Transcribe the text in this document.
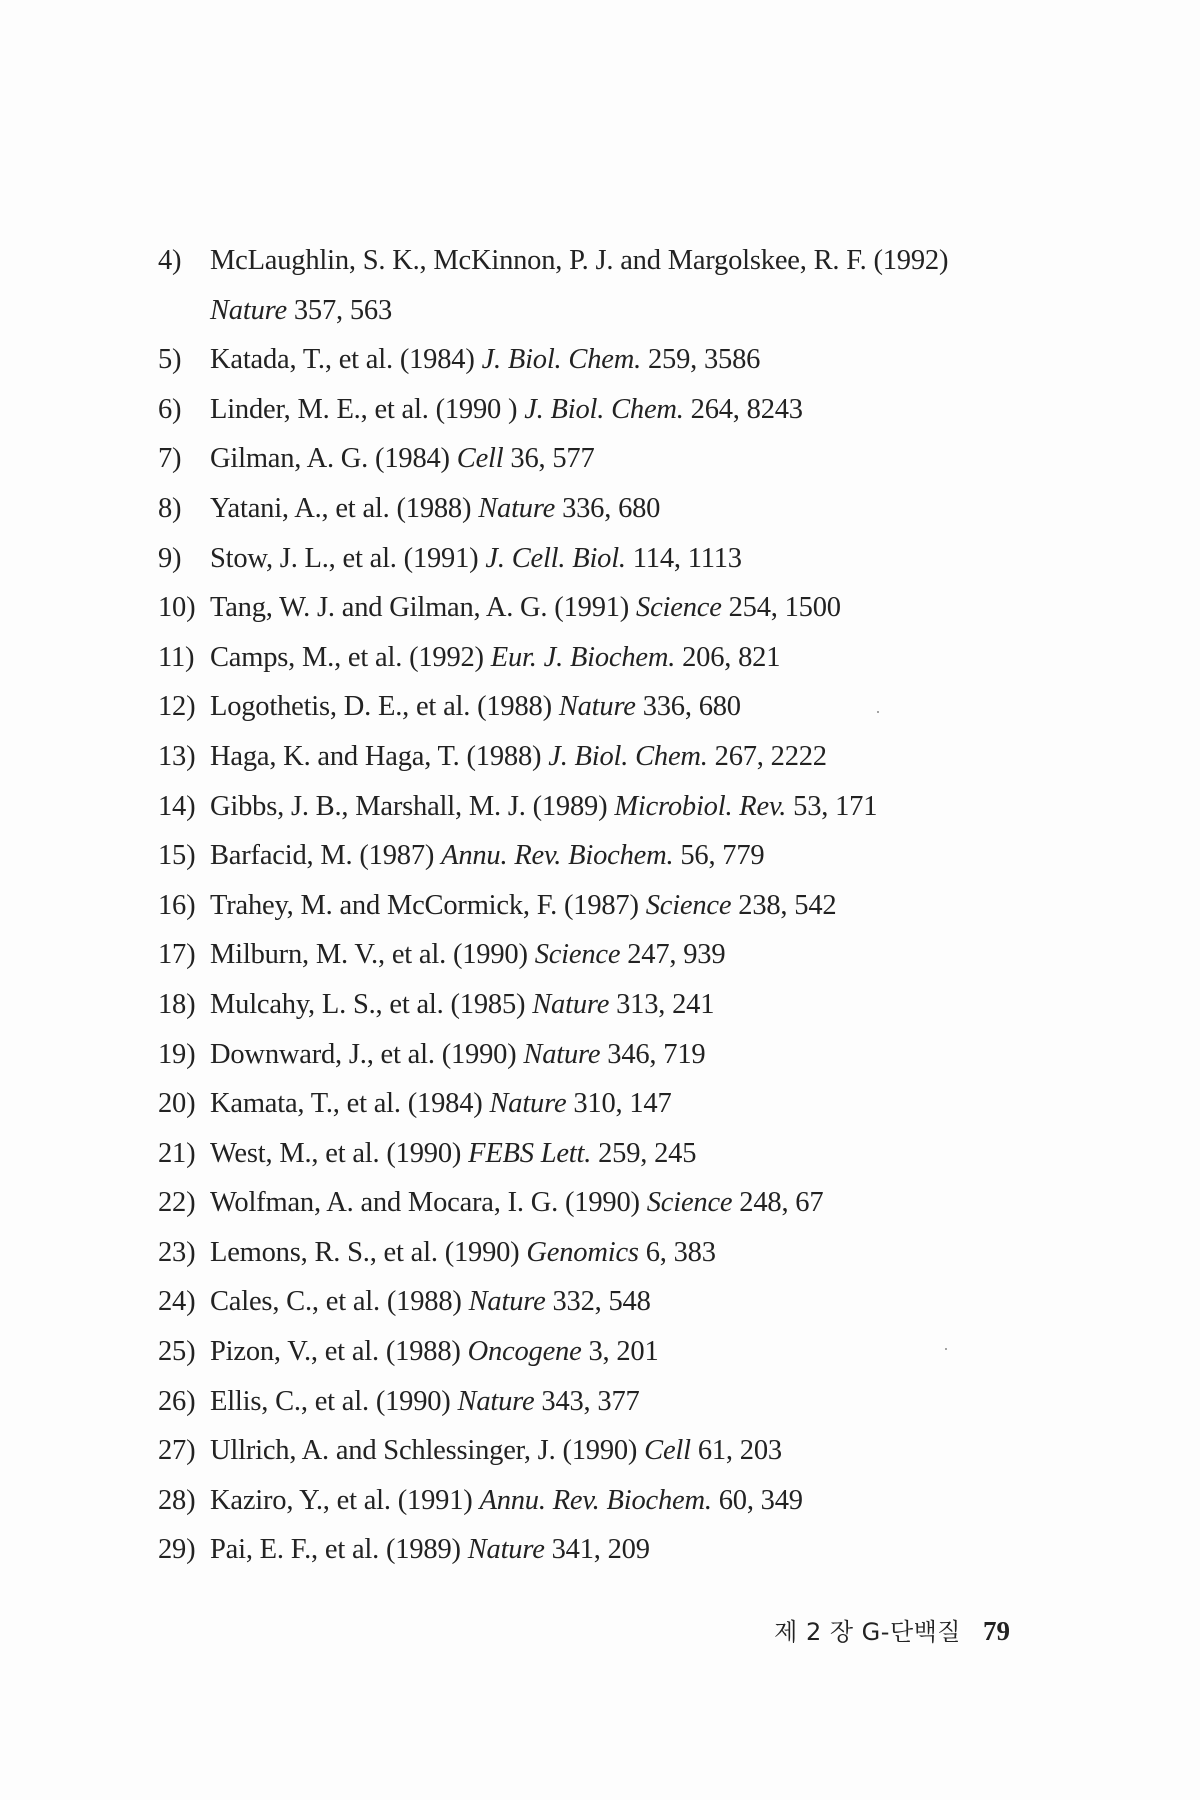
4) McLaughlin, S. K., McKinnon, P. J. and Margolskee, R. F. (1992)
Nature 357, 563
5) Katada, T., et al. (1984) J. Biol. Chem. 259, 3586
6) Linder, M. E., et al. (1990 ) J. Biol. Chem. 264, 8243
7) Gilman, A. G. (1984) Cell 36, 577
8) Yatani, A., et al. (1988) Nature 336, 680
9) Stow, J. L., et al. (1991) J. Cell. Biol. 114, 1113
10) Tang, W. J. and Gilman, A. G. (1991) Science 254, 1500
11) Camps, M., et al. (1992) Eur. J. Biochem. 206, 821
12) Logothetis, D. E., et al. (1988) Nature 336, 680
13) Haga, K. and Haga, T. (1988) J. Biol. Chem. 267, 2222
14) Gibbs, J. B., Marshall, M. J. (1989) Microbiol. Rev. 53, 171
15) Barfacid, M. (1987) Annu. Rev. Biochem. 56, 779
16) Trahey, M. and McCormick, F. (1987) Science 238, 542
17) Milburn, M. V., et al. (1990) Science 247, 939
18) Mulcahy, L. S., et al. (1985) Nature 313, 241
19) Downward, J., et al. (1990) Nature 346, 719
20) Kamata, T., et al. (1984) Nature 310, 147
21) West, M., et al. (1990) FEBS Lett. 259, 245
22) Wolfman, A. and Mocara, I. G. (1990) Science 248, 67
23) Lemons, R. S., et al. (1990) Genomics 6, 383
24) Cales, C., et al. (1988) Nature 332, 548
25) Pizon, V., et al. (1988) Oncogene 3, 201
26) Ellis, C., et al. (1990) Nature 343, 377
27) Ullrich, A. and Schlessinger, J. (1990) Cell 61, 203
28) Kaziro, Y., et al. (1991) Annu. Rev. Biochem. 60, 349
29) Pai, E. F., et al. (1989) Nature 341, 209
제 2 장 G-단백질 79
